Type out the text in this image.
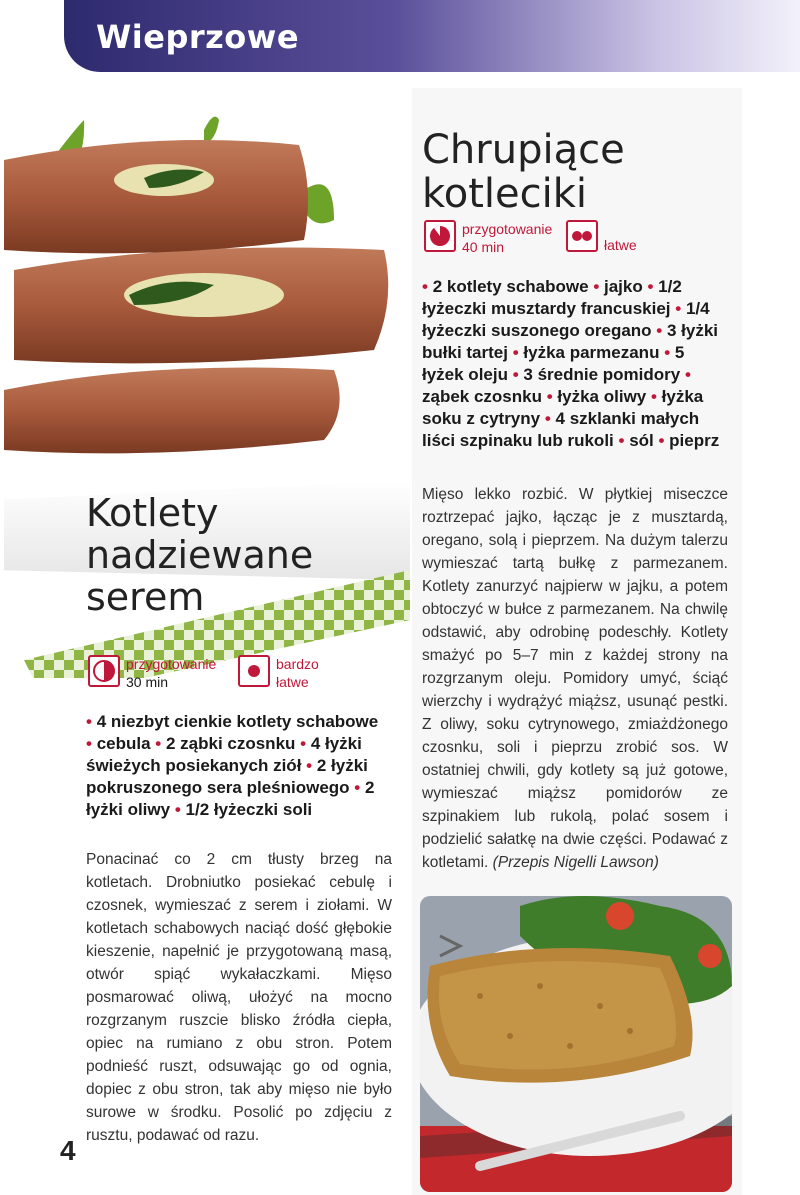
Wieprzowe
Kotlety
nadziewane
serem
przygotowanie
30 min
bardzo
łatwe
• 4 niezbyt cienkie kotlety schabowe • cebula • 2 ząbki czosnku • 4 łyżki świeżych posiekanych ziół • 2 łyżki pokruszonego sera pleśniowego • 2 łyżki oliwy • 1/2 łyżeczki soli
Ponacinać co 2 cm tłusty brzeg na kotletach. Drobniutko posiekać cebulę i czosnek, wymieszać z serem i ziołami. W kotletach schabowych naciąć dość głębokie kieszenie, napełnić je przygotowaną masą, otwór spiąć wykałaczkami. Mięso posmarować oliwą, ułożyć na mocno rozgrzanym ruszcie blisko źródła ciepła, opiec na rumiano z obu stron. Potem podnieść ruszt, odsuwając go od ognia, dopiec z obu stron, tak aby mięso nie było surowe w środku. Posolić po zdjęciu z rusztu, podawać od razu.
Chrupiące
kotleciki
przygotowanie
40 min	łatwe
• 2 kotlety schabowe • jajko • 1/2 łyżeczki musztardy francuskiej • 1/4 łyżeczki suszonego oregano • 3 łyżki bułki tartej • łyżka parmezanu • 5 łyżek oleju • 3 średnie pomidory • ząbek czosnku • łyżka oliwy • łyżka soku z cytryny • 4 szklanki małych liści szpinaku lub rukoli • sól • pieprz
Mięso lekko rozbić. W płytkiej miseczce roztrzepać jajko, łącząc je z musztardą, oregano, solą i pieprzem. Na dużym talerzu wymieszać tartą bułkę z parmezanem. Kotlety zanurzyć najpierw w jajku, a potem obtoczyć w bułce z parmezanem. Na chwilę odstawić, aby odrobinę podeschły. Kotlety smażyć po 5–7 min z każdej strony na rozgrzanym oleju. Pomidory umyć, ściąć wierzchy i wydrążyć miąższ, usunąć pestki. Z oliwy, soku cytrynowego, zmiażdżonego czosnku, soli i pieprzu zrobić sos. W ostatniej chwili, gdy kotlety są już gotowe, wymieszać miąższ pomidorów ze szpinakiem lub rukolą, polać sosem i podzielić sałatkę na dwie części. Podawać z kotletami. (Przepis Nigelli Lawson)
4
